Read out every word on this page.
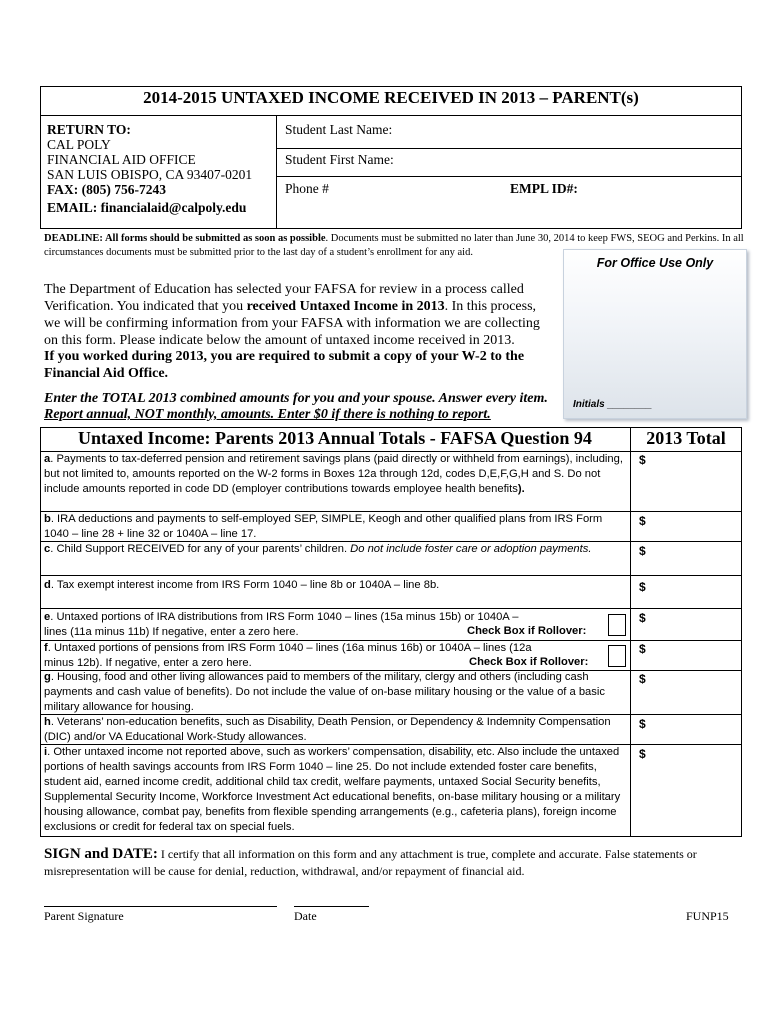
2014-2015 UNTAXED INCOME RECEIVED IN 2013 – PARENT(s)
RETURN TO:
CAL POLY
FINANCIAL AID OFFICE
SAN LUIS OBISPO, CA 93407-0201
FAX: (805) 756-7243
EMAIL: financialaid@calpoly.edu
Student Last Name:
Student First Name:
Phone #	EMPL ID#:
DEADLINE: All forms should be submitted as soon as possible. Documents must be submitted no later than June 30, 2014 to keep FWS, SEOG and Perkins. In all circumstances documents must be submitted prior to the last day of a student’s enrollment for any aid.
For Office Use Only
Initials ________
The Department of Education has selected your FAFSA for review in a process called Verification. You indicated that you received Untaxed Income in 2013. In this process, we will be confirming information from your FAFSA with information we are collecting on this form. Please indicate below the amount of untaxed income received in 2013.
If you worked during 2013, you are required to submit a copy of your W-2 to the Financial Aid Office.
Enter the TOTAL 2013 combined amounts for you and your spouse. Answer every item.
Report annual, NOT monthly, amounts. Enter $0 if there is nothing to report.
Untaxed Income: Parents 2013 Annual Totals - FAFSA Question 94	2013 Total
a. Payments to tax-deferred pension and retirement savings plans (paid directly or withheld from earnings), including, but not limited to, amounts reported on the W-2 forms in Boxes 12a through 12d, codes D,E,F,G,H and S. Do not include amounts reported in code DD (employer contributions towards employee health benefits).
$
b. IRA deductions and payments to self-employed SEP, SIMPLE, Keogh and other qualified plans from IRS Form 1040 – line 28 + line 32 or 1040A – line 17.
$
c. Child Support RECEIVED for any of your parents’ children. Do not include foster care or adoption payments.	$
d. Tax exempt interest income from IRS Form 1040 – line 8b or 1040A – line 8b.	$
e. Untaxed portions of IRA distributions from IRS Form 1040 – lines (15a minus 15b) or 1040A –
lines (11a minus 11b) If negative, enter a zero here.	Check Box if Rollover:
$
f. Untaxed portions of pensions from IRS Form 1040 – lines (16a minus 16b) or 1040A – lines (12a
minus 12b). If negative, enter a zero here.	Check Box if Rollover:
$
g. Housing, food and other living allowances paid to members of the military, clergy and others (including cash payments and cash value of benefits). Do not include the value of on-base military housing or the value of a basic military allowance for housing.
$
h. Veterans’ non-education benefits, such as Disability, Death Pension, or Dependency & Indemnity Compensation (DIC) and/or VA Educational Work-Study allowances.
$
i. Other untaxed income not reported above, such as workers’ compensation, disability, etc. Also include the untaxed portions of health savings accounts from IRS Form 1040 – line 25. Do not include extended foster care benefits, student aid, earned income credit, additional child tax credit, welfare payments, untaxed Social Security benefits, Supplemental Security Income, Workforce Investment Act educational benefits, on-base military housing or a military housing allowance, combat pay, benefits from flexible spending arrangements (e.g., cafeteria plans), foreign income exclusions or credit for federal tax on special fuels.
$
SIGN and DATE: I certify that all information on this form and any attachment is true, complete and accurate. False statements or misrepresentation will be cause for denial, reduction, withdrawal, and/or repayment of financial aid.
Parent Signature	Date	FUNP15
